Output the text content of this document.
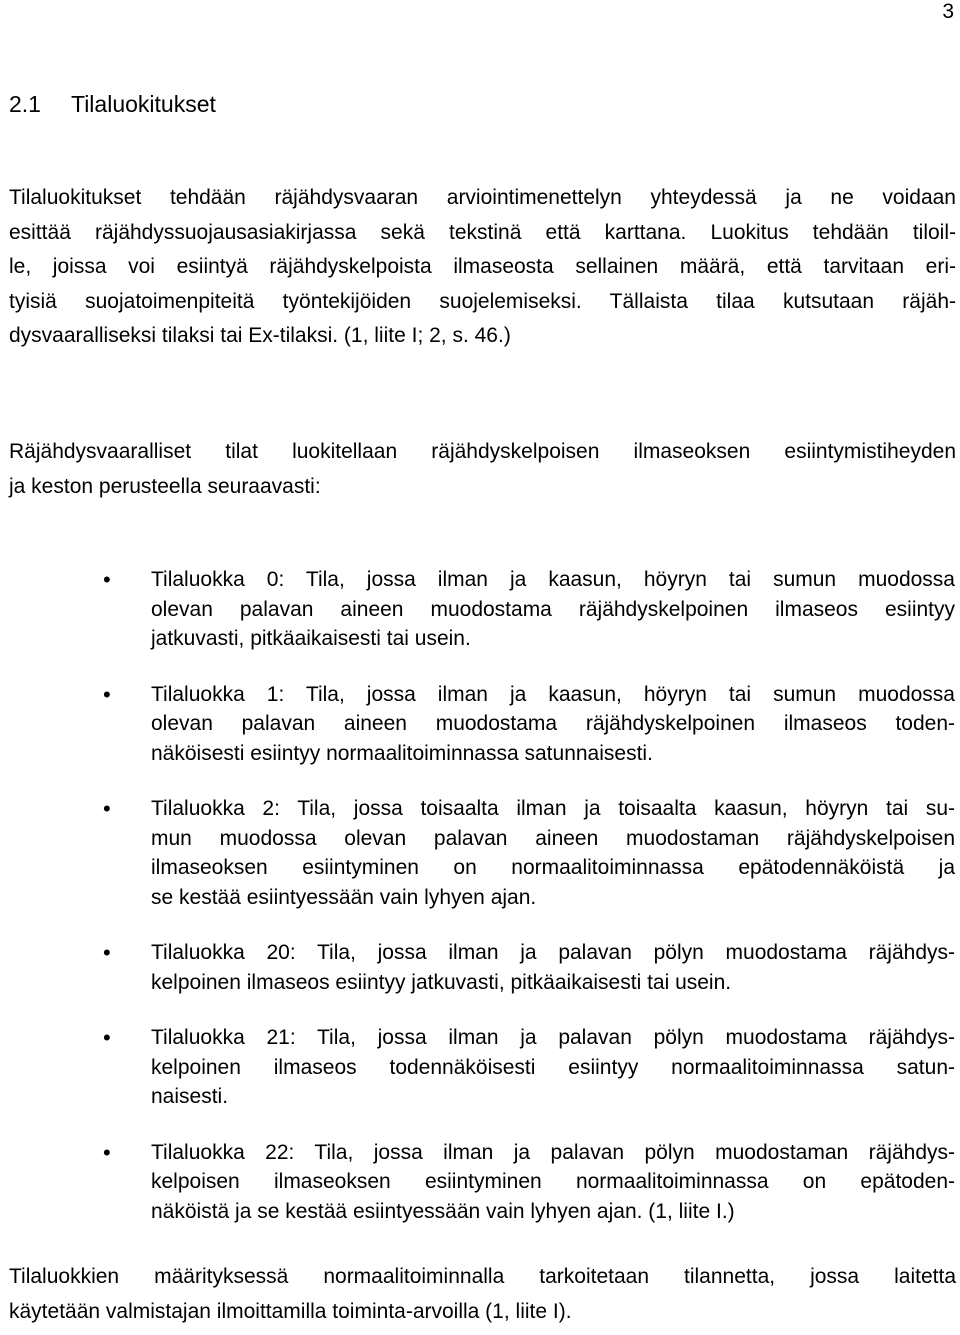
3
2.1 Tilaluokitukset

Tilaluokitukset tehdään räjähdysvaaran arviointimenettelyn yhteydessä ja ne voidaan
esittää räjähdyssuojausasiakirjassa sekä tekstinä että karttana. Luokitus tehdään tiloil-
le, joissa voi esiintyä räjähdyskelpoista ilmaseosta sellainen määrä, että tarvitaan eri-
tyisiä suojatoimenpiteitä työntekijöiden suojelemiseksi. Tällaista tilaa kutsutaan räjäh-
dysvaaralliseksi tilaksi tai Ex-tilaksi. (1, liite I; 2, s. 46.)

Räjähdysvaaralliset tilat luokitellaan räjähdyskelpoisen ilmaseoksen esiintymistiheyden
ja keston perusteella seuraavasti:

• Tilaluokka 0: Tila, jossa ilman ja kaasun, höyryn tai sumun muodossa
olevan palavan aineen muodostama räjähdyskelpoinen ilmaseos esiintyy
jatkuvasti, pitkäaikaisesti tai usein.
• Tilaluokka 1: Tila, jossa ilman ja kaasun, höyryn tai sumun muodossa
olevan palavan aineen muodostama räjähdyskelpoinen ilmaseos toden-
näköisesti esiintyy normaalitoiminnassa satunnaisesti.
• Tilaluokka 2: Tila, jossa toisaalta ilman ja toisaalta kaasun, höyryn tai su-
mun muodossa olevan palavan aineen muodostaman räjähdyskelpoisen
ilmaseoksen esiintyminen on normaalitoiminnassa epätodennäköistä ja
se kestää esiintyessään vain lyhyen ajan.
• Tilaluokka 20: Tila, jossa ilman ja palavan pölyn muodostama räjähdys-
kelpoinen ilmaseos esiintyy jatkuvasti, pitkäaikaisesti tai usein.
• Tilaluokka 21: Tila, jossa ilman ja palavan pölyn muodostama räjähdys-
kelpoinen ilmaseos todennäköisesti esiintyy normaalitoiminnassa satun-
naisesti.
• Tilaluokka 22: Tila, jossa ilman ja palavan pölyn muodostaman räjähdys-
kelpoisen ilmaseoksen esiintyminen normaalitoiminnassa on epätoden-
näköistä ja se kestää esiintyessään vain lyhyen ajan. (1, liite I.)

Tilaluokkien määrityksessä normaalitoiminnalla tarkoitetaan tilannetta, jossa laitetta
käytetään valmistajan ilmoittamilla toiminta-arvoilla (1, liite I).
